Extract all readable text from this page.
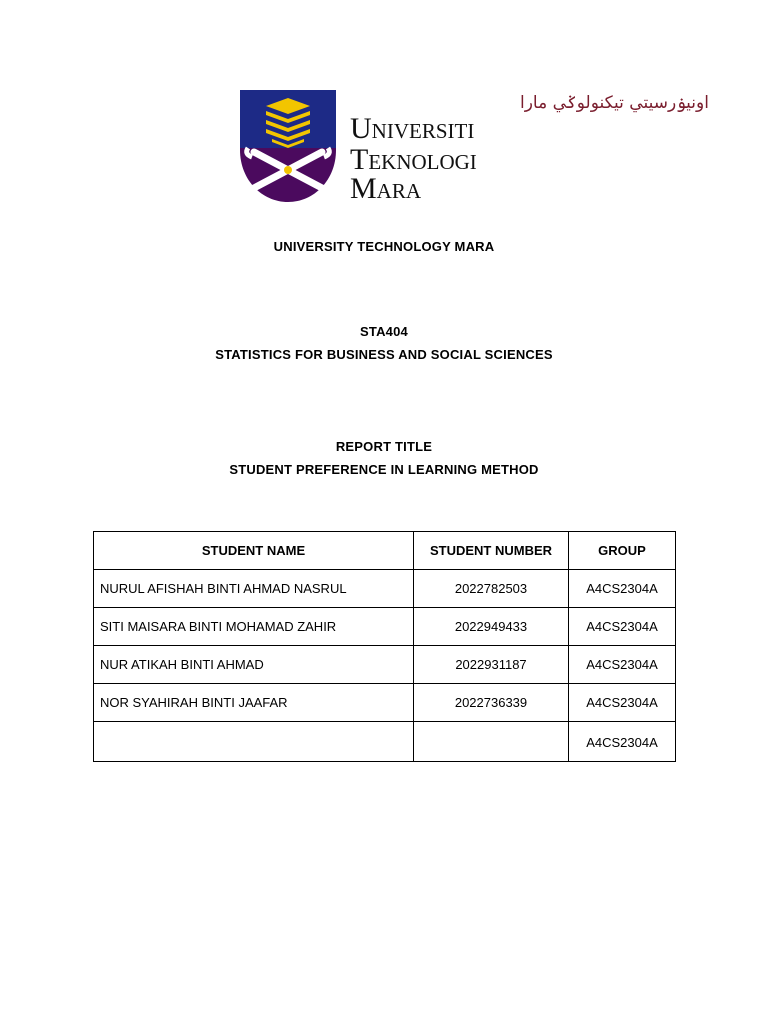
اونيۏرسيتي تيكنولوݢي مارا
Universiti
Teknologi
Mara
UNIVERSITY TECHNOLOGY MARA
STA404
STATISTICS FOR BUSINESS AND SOCIAL SCIENCES
REPORT TITLE
STUDENT PREFERENCE IN LEARNING METHOD
STUDENT NAME	STUDENT NUMBER	GROUP
NURUL AFISHAH BINTI AHMAD NASRUL	2022782503	A4CS2304A
SITI MAISARA BINTI MOHAMAD ZAHIR	2022949433	A4CS2304A
NUR ATIKAH BINTI AHMAD	2022931187	A4CS2304A
NOR SYAHIRAH BINTI JAAFAR	2022736339	A4CS2304A
		A4CS2304A
